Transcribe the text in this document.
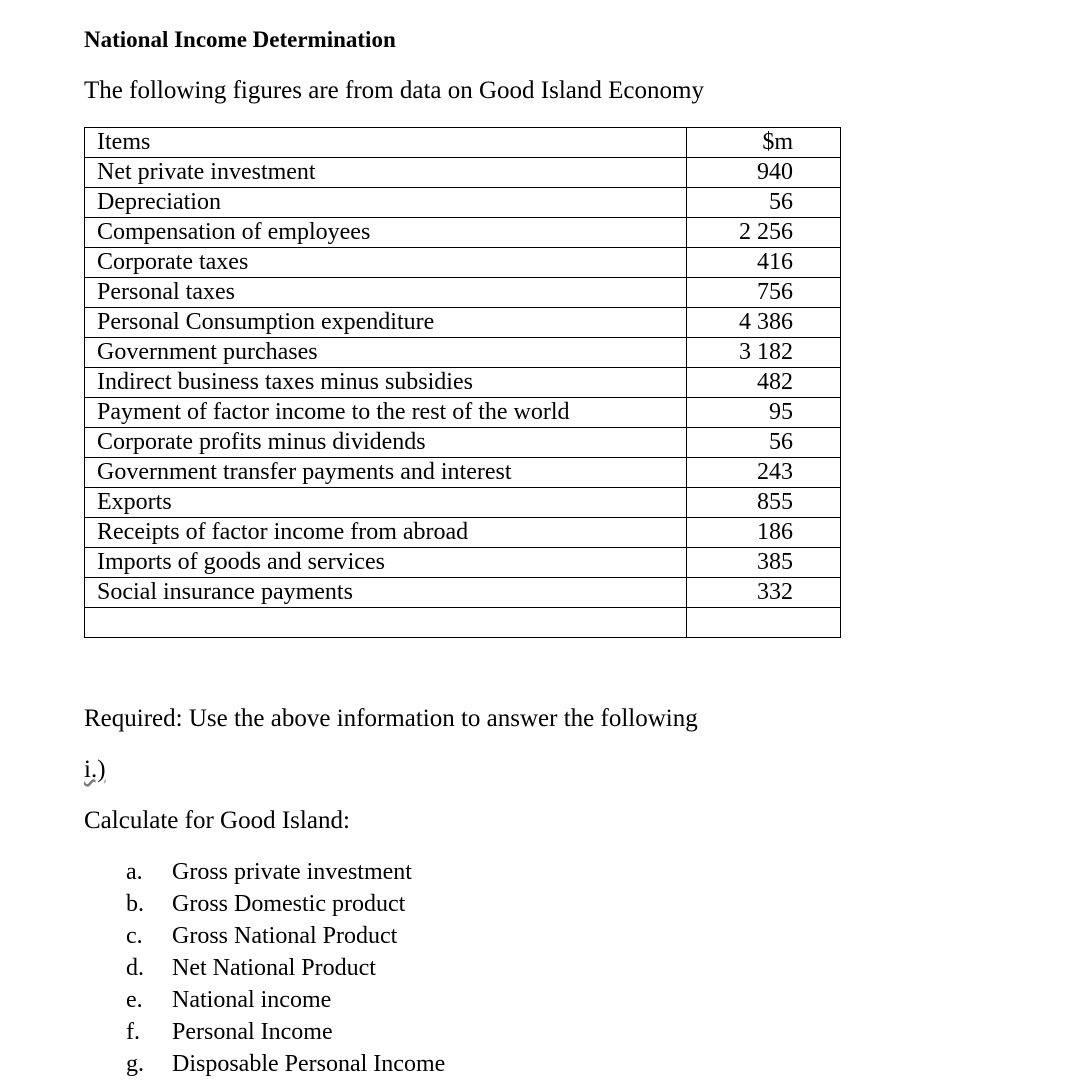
National Income Determination

The following figures are from data on Good Island Economy

Items	$m
Net private investment	940
Depreciation	56
Compensation of employees	2 256
Corporate taxes	416
Personal taxes	756
Personal Consumption expenditure	4 386
Government purchases	3 182
Indirect business taxes minus subsidies	482
Payment of factor income to the rest of the world	95
Corporate profits minus dividends	56
Government transfer payments and interest	243
Exports	855
Receipts of factor income from abroad	186
Imports of goods and services	385
Social insurance payments	332

Required: Use the above information to answer the following

i.)

Calculate for Good Island:

a.	Gross private investment
b.	Gross Domestic product
c.	Gross National Product
d.	Net National Product
e.	National income
f.	Personal Income
g.	Disposable Personal Income
